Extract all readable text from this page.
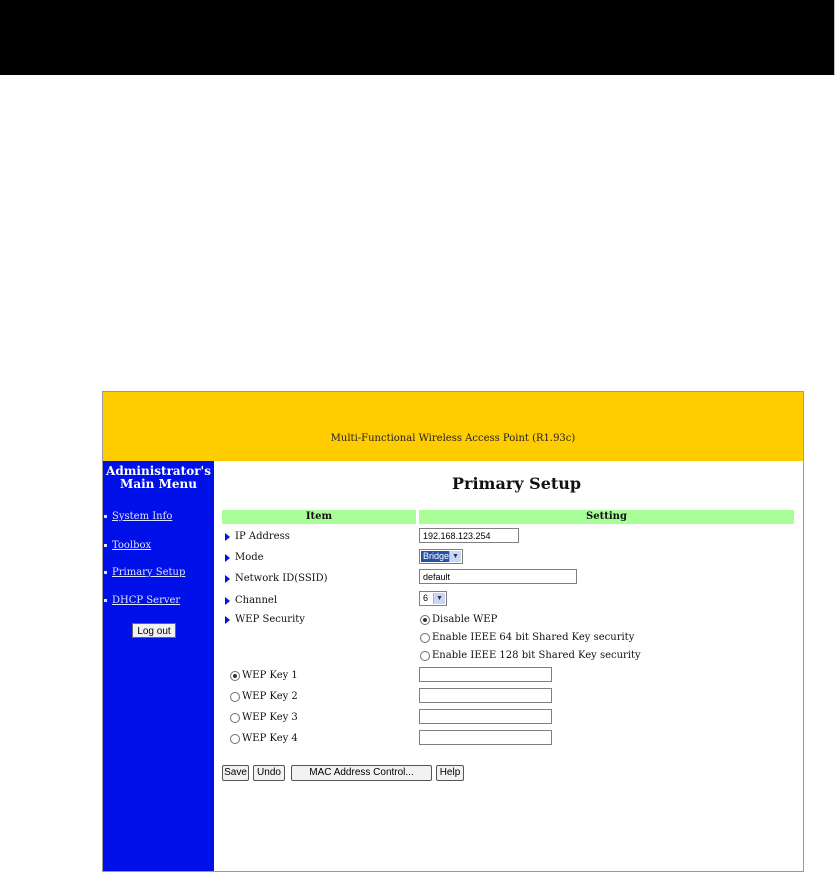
Multi-Functional Wireless Access Point (R1.93c)
Administrator's
Main Menu
System Info
Toolbox
Primary Setup
DHCP Server
Log out
Primary Setup
Item	Setting
IP Address	192.168.123.254
Mode	Bridge ▼
Network ID(SSID)	default
Channel	6	▼
WEP Security	Disable WEP
Enable IEEE 64 bit Shared Key security
Enable IEEE 128 bit Shared Key security
WEP Key 1
WEP Key 2
WEP Key 3
WEP Key 4
Save	Undo	MAC Address Control...	Help
